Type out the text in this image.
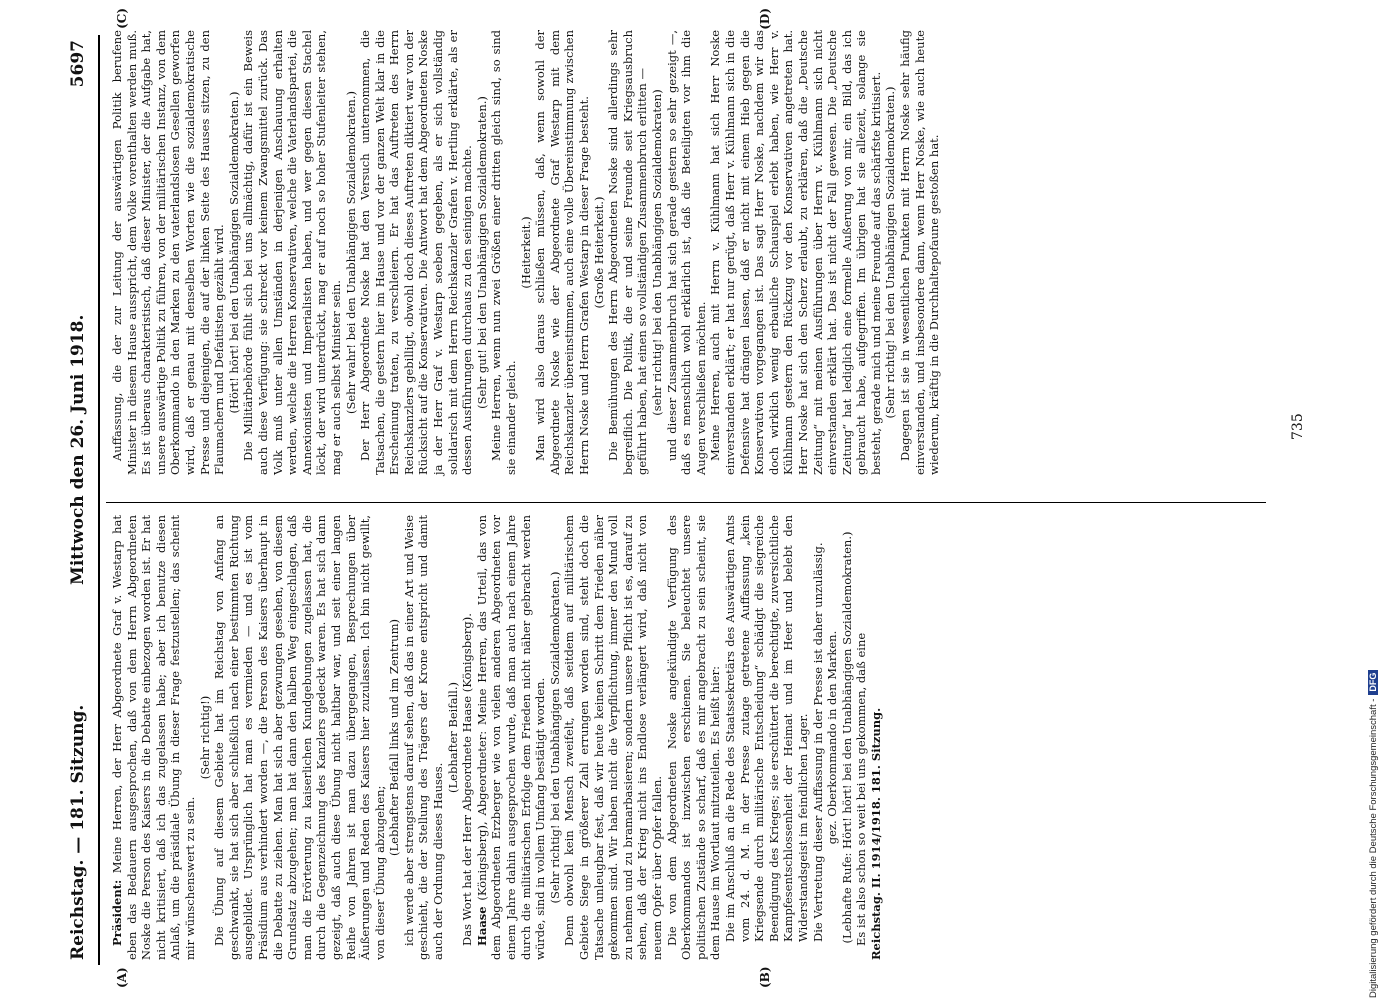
Reichstag. — 181. Sitzung.
Mittwoch den 26. Juni 1918.
5697
(A)	(B)
(C)	(D)

Präsident: Meine Herren, der Herr Abgeordnete Graf v. Westarp hat eben das Bedauern ausgesprochen, daß von dem Herrn Abgeordneten Noske die Person des Kaisers in die Debatte einbezogen worden ist. Er hat nicht kritisiert, daß ich das zugelassen habe; aber ich benutze diesen Anlaß, um die präsidiale Übung in dieser Frage festzustellen; das scheint mir wünschenswert zu sein.

(Sehr richtig!) Die Übung auf diesem Gebiete hat im Reichstag von Anfang an geschwankt, sie hat sich aber schließlich nach einer bestimmten Richtung ausgebildet. Ursprünglich hat man es vermieden — und es ist vom Präsidium aus verhindert worden —, die Person des Kaisers überhaupt in die Debatte zu ziehen. Man hat sich aber gezwungen gesehen, von diesem Grundsatz abzugehen; man hat dann den halben Weg eingeschlagen, daß man die Erörterung zu kaiserlichen Kundgebungen zugelassen hat, die durch die Gegenzeichnung des Kanzlers gedeckt waren. Es hat sich dann gezeigt, daß auch diese Übung nicht haltbar war, und seit einer langen Reihe von Jahren ist man dazu übergegangen, Besprechungen über Äußerungen und Reden des Kaisers hier zuzulassen. Ich bin nicht gewillt, von dieser Übung abzugehen;

(Lebhafter Beifall links und im Zentrum) ich werde aber strengstens darauf sehen, daß das in einer Art und Weise geschieht, die der Stellung des Trägers der Krone entspricht und damit auch der Ordnung dieses Hauses.

(Lebhafter Beifall.) Das Wort hat der Herr Abgeordnete Haase (Königsberg). Haase (Königsberg), Abgeordneter: Meine Herren, das Urteil, das von dem Abgeordneten Erzberger wie von vielen anderen Abgeordneten vor einem Jahre dahin ausgesprochen wurde, daß man auch nach einem Jahre durch die militärischen Erfolge dem Frieden nicht näher gebracht werden würde, sind in vollem Umfang bestätigt worden. (Sehr richtig! bei den Unabhängigen Sozialdemokraten.) Denn obwohl kein Mensch zweifelt, daß seitdem auf militärischem Gebiete Siege in größerer Zahl errungen worden sind, steht doch die Tatsache unleugbar fest, daß wir heute keinen Schritt dem Frieden näher gekommen sind. Wir haben nicht die Verpflichtung, immer den Mund voll zu nehmen und zu bramarbasieren; sondern unsere Pflicht ist es, darauf zu sehen, daß der Krieg nicht ins Endlose verlängert wird, daß nicht von neuem Opfer über Opfer fallen. Die von dem Abgeordneten Noske angekündigte Verfügung des Oberkommandos ist inzwischen erschienen. Sie beleuchtet unsere politischen Zustände so scharf, daß es mir angebracht zu sein scheint, sie dem Hause im Wortlaut mitzuteilen. Es heißt hier: Die im Anschluß an die Rede des Staatssekretärs des Auswärtigen Amts vom 24. d. M. in der Presse zutage getretene Auffassung „kein Kriegsende durch militärische Entscheidung“ schädigt die siegreiche Beendigung des Krieges; sie erschüttert die berechtigte, zuversichtliche Kampfesentschlossenheit der Heimat und im Heer und belebt den Widerstandsgeist im feindlichen Lager. Die Vertretung dieser Auffassung in der Presse ist daher unzulässig. gez. Oberkommando in den Marken. (Lebhafte Rufe: Hört! hört! bei den Unabhängigen Sozialdemokraten.) Es ist also schon so weit bei uns gekommen, daß eine Reichstag. II. 1914/1918. 181. Sitzung.

Auffassung, die der zur Leitung der auswärtigen Politik berufene Minister in diesem Hause ausspricht, dem Volke vorenthalten werden muß. Es ist überaus charakteristisch, daß dieser Minister, der die Aufgabe hat, unsere auswärtige Politik zu führen, von der militärischen Instanz, von dem Oberkommando in den Marken zu den vaterlandslosen Gesellen geworfen wird, daß er genau mit denselben Worten wie die sozialdemokratische Presse und diejenigen, die auf der linken Seite des Hauses sitzen, zu den Flaumachern und Defaitisten gezählt wird. (Hört! hört! bei den Unabhängigen Sozialdemokraten.) Die Militärbehörde fühlt sich bei uns allmächtig, dafür ist ein Beweis auch diese Verfügung: sie schreckt vor keinem Zwangsmittel zurück. Das Volk muß unter allen Umständen in derjenigen Anschauung erhalten werden, welche die Herren Konservativen, welche die Vaterlandspartei, die Annexionisten und Imperialisten haben, und wer gegen diesen Stachel löckt, der wird unterdrückt, mag er auf noch so hoher Stufenleiter stehen, mag er auch selbst Minister sein. (Sehr wahr! bei den Unabhängigen Sozialdemokraten.) Der Herr Abgeordnete Noske hat den Versuch unternommen, die Tatsachen, die gestern hier im Hause und vor der ganzen Welt klar in die Erscheinung traten, zu verschleiern. Er hat das Auftreten des Herrn Reichskanzlers gebilligt, obwohl doch dieses Auftreten diktiert war von der Rücksicht auf die Konservativen. Die Antwort hat dem Abgeordneten Noske ja der Herr Graf v. Westarp soeben gegeben, als er sich vollständig solidarisch mit dem Herrn Reichskanzler Grafen v. Hertling erklärte, als er dessen Ausführungen durchaus zu den seinigen machte. (Sehr gut! bei den Unabhängigen Sozialdemokraten.) Meine Herren, wenn nun zwei Größen einer dritten gleich sind, so sind sie einander gleich.

(Heiterkeit.) Man wird also daraus schließen müssen, daß, wenn sowohl der Abgeordnete Noske wie der Abgeordnete Graf Westarp mit dem Reichskanzler übereinstimmen, auch eine volle Übereinstimmung zwischen Herrn Noske und Herrn Grafen Westarp in dieser Frage besteht. (Große Heiterkeit.) Die Bemühungen des Herrn Abgeordneten Noske sind allerdings sehr begreiflich. Die Politik, die er und seine Freunde seit Kriegsausbruch geführt haben, hat einen so vollständigen Zusammenbruch erlitten — (sehr richtig! bei den Unabhängigen Sozialdemokraten) und dieser Zusammenbruch hat sich gerade gestern so sehr gezeigt —, daß es menschlich wohl erklärlich ist, daß die Beteiligten vor ihm die Augen verschließen möchten. Meine Herren, auch mit Herrn v. Kühlmann hat sich Herr Noske einverstanden erklärt; er hat nur gerügt, daß Herr v. Kühlmann sich in die Defensive hat drängen lassen, daß er nicht mit einem Hieb gegen die Konservativen vorgegangen ist. Das sagt Herr Noske, nachdem wir das doch wirklich wenig erbauliche Schauspiel erlebt haben, wie Herr v. Kühlmann gestern den Rückzug vor den Konservativen angetreten hat. Herr Noske hat sich den Scherz erlaubt, zu erklären, daß die „Deutsche Zeitung“ mit meinen Ausführungen über Herrn v. Kühlmann sich nicht einverstanden erklärt hat. Das ist nicht der Fall gewesen. Die „Deutsche Zeitung“ hat lediglich eine formelle Außerung von mir, ein Bild, das ich gebraucht habe, aufgegriffen. Im übrigen hat sie allezeit, solange sie besteht, gerade mich und meine Freunde auf das schärfste kritisiert. (Sehr richtig! bei den Unabhängigen Sozialdemokraten.) Dagegen ist sie in wesentlichen Punkten mit Herrn Noske sehr häufig einverstanden, und insbesondere dann, wenn Herr Noske, wie auch heute wiederum, kräftig in die Durchhaltepofaune gestoßen hat.	735
Digitalisierung gefördert durch die Deutsche Forschungsgemeinschaft -DFG
